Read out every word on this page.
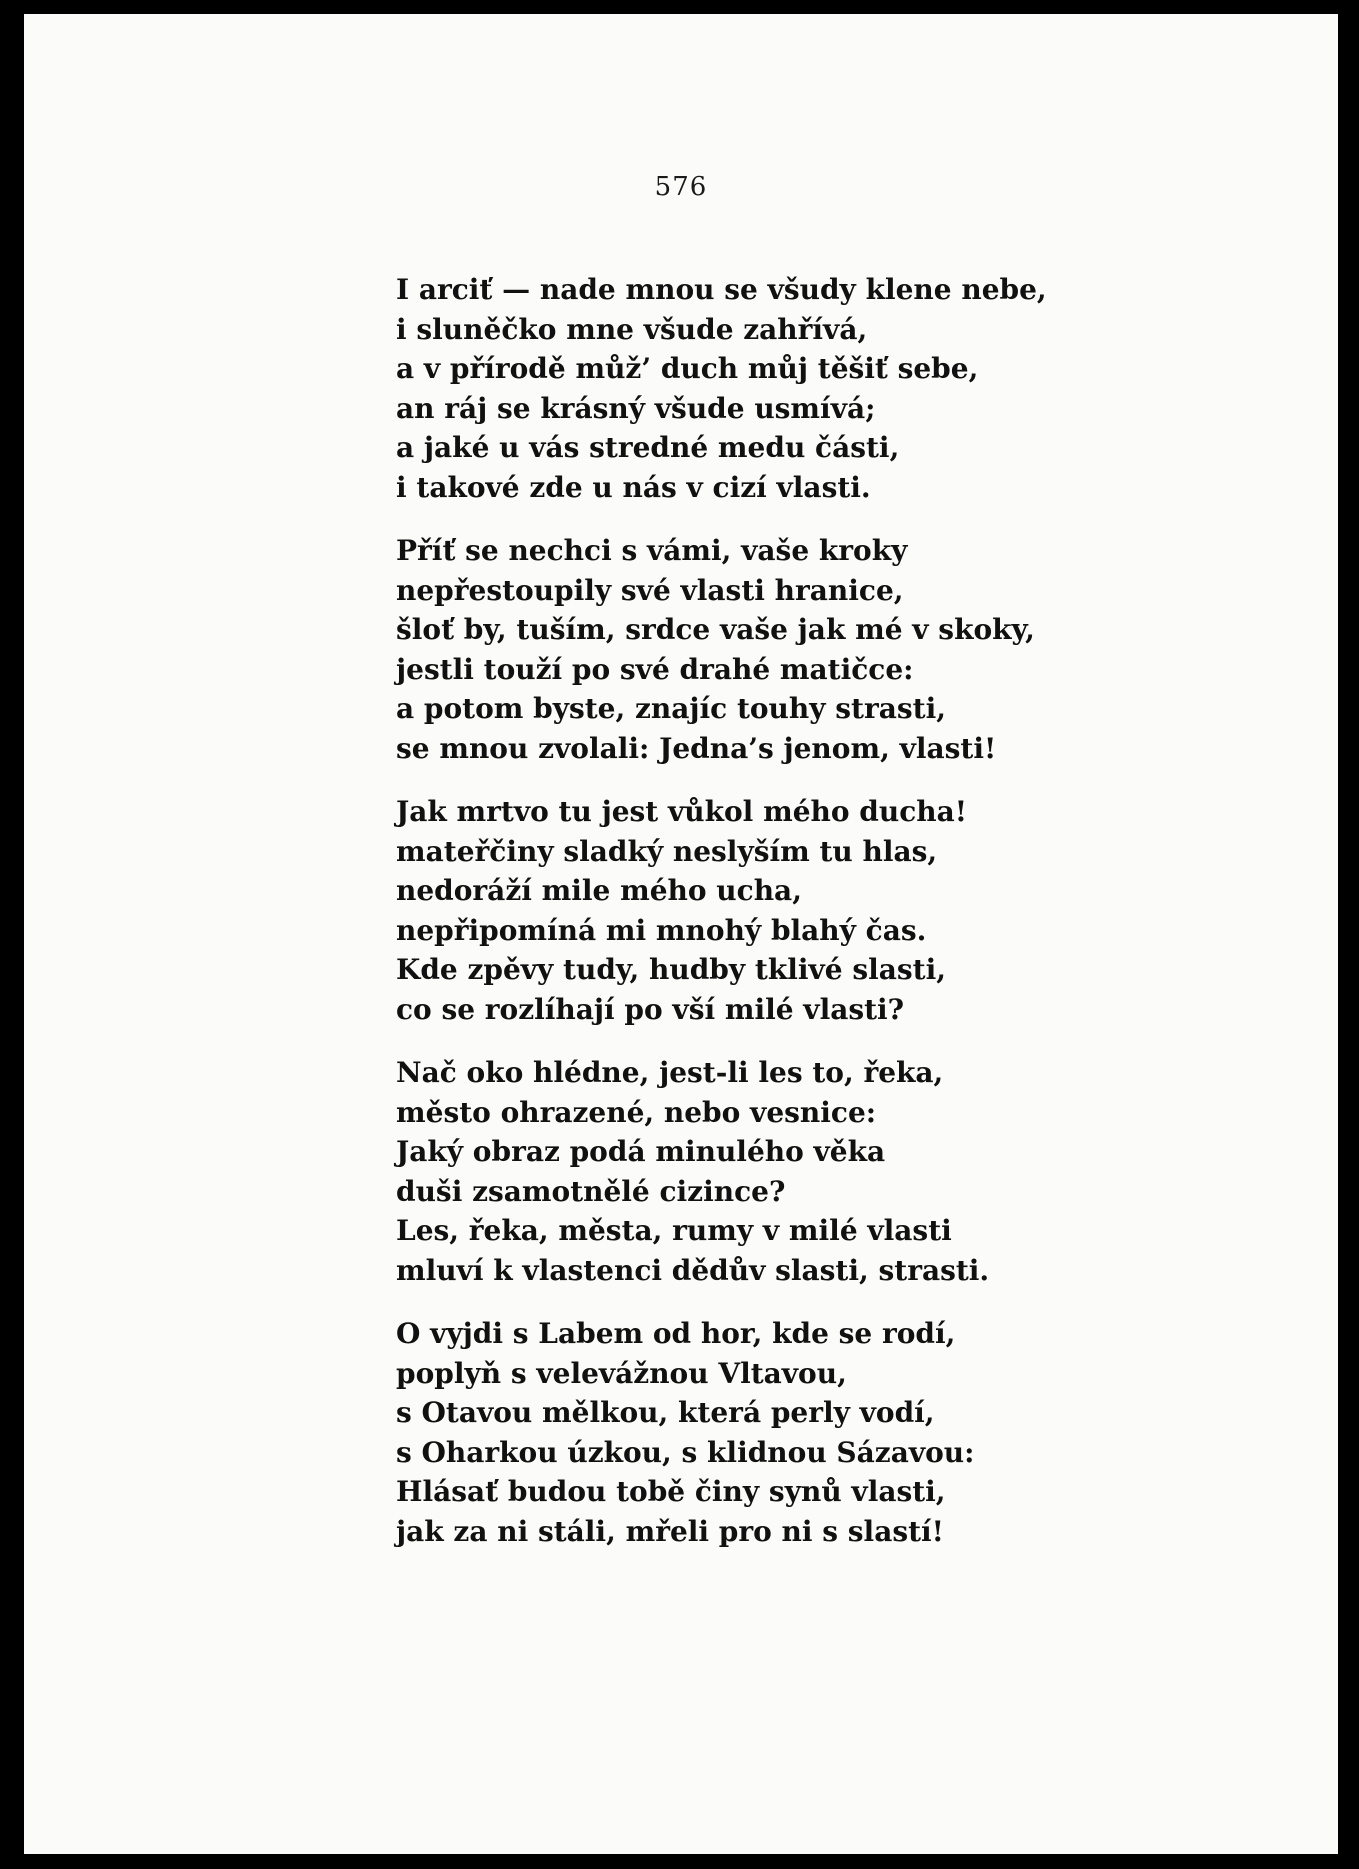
576
I arciť — nade mnou se všudy klene nebe,
i sluněčko mne všude zahřívá,
a v přírodě můž’ duch můj těšiť sebe,
an ráj se krásný všude usmívá;
a jaké u vás stredné medu části,
i takové zde u nás v cizí vlasti.
Příť se nechci s vámi, vaše kroky
nepřestoupily své vlasti hranice,
šloť by, tuším, srdce vaše jak mé v skoky,
jestli touží po své drahé matičce:
a potom byste, znajíc touhy strasti,
se mnou zvolali: Jedna’s jenom, vlasti!
Jak mrtvo tu jest vůkol mého ducha!
mateřčiny sladký neslyším tu hlas,
nedoráží mile mého ucha,
nepřipomíná mi mnohý blahý čas.
Kde zpěvy tudy, hudby tklivé slasti,
co se rozlíhají po vší milé vlasti?
Nač oko hlédne, jest-li les to, řeka,
město ohrazené, nebo vesnice:
Jaký obraz podá minulého věka
duši zsamotnělé cizince?
Les, řeka, města, rumy v milé vlasti
mluví k vlastenci dědův slasti, strasti.
O vyjdi s Labem od hor, kde se rodí,
poplyň s velevážnou Vltavou,
s Otavou mělkou, která perly vodí,
s Oharkou úzkou, s klidnou Sázavou:
Hlásať budou tobě činy synů vlasti,
jak za ni stáli, mřeli pro ni s slastí!
